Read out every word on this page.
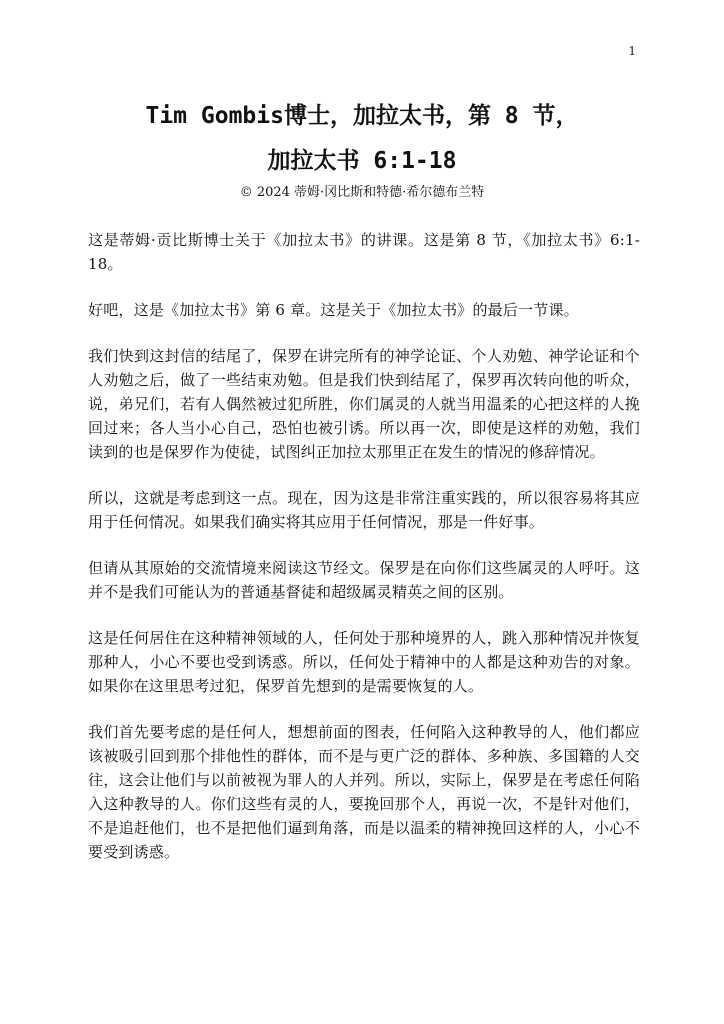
1
Tim Gombis博士，加拉太书，第 8 节，
加拉太书 6:1-18
© 2024 蒂姆·冈比斯和特德·希尔德布兰特

这是蒂姆·贡比斯博士关于《加拉太书》的讲课。这是第 8 节，《加拉太书》6:1-18。

好吧，这是《加拉太书》第 6 章。这是关于《加拉太书》的最后一节课。

我们快到这封信的结尾了，保罗在讲完所有的神学论证、个人劝勉、神学论证和个人劝勉之后，做了一些结束劝勉。但是我们快到结尾了，保罗再次转向他的听众，说，弟兄们，若有人偶然被过犯所胜，你们属灵的人就当用温柔的心把这样的人挽回过来；各人当小心自己，恐怕也被引诱。所以再一次，即使是这样的劝勉，我们读到的也是保罗作为使徒，试图纠正加拉太那里正在发生的情况的修辞情况。

所以，这就是考虑到这一点。现在，因为这是非常注重实践的，所以很容易将其应用于任何情况。如果我们确实将其应用于任何情况，那是一件好事。

但请从其原始的交流情境来阅读这节经文。保罗是在向你们这些属灵的人呼吁。这并不是我们可能认为的普通基督徒和超级属灵精英之间的区别。

这是任何居住在这种精神领域的人，任何处于那种境界的人，跳入那种情况并恢复那种人，小心不要也受到诱惑。所以，任何处于精神中的人都是这种劝告的对象。如果你在这里思考过犯，保罗首先想到的是需要恢复的人。

我们首先要考虑的是任何人，想想前面的图表，任何陷入这种教导的人，他们都应该被吸引回到那个排他性的群体，而不是与更广泛的群体、多种族、多国籍的人交往，这会让他们与以前被视为罪人的人并列。所以，实际上，保罗是在考虑任何陷入这种教导的人。你们这些有灵的人，要挽回那个人，再说一次，不是针对他们，不是追赶他们，也不是把他们逼到角落，而是以温柔的精神挽回这样的人，小心不要受到诱惑。
